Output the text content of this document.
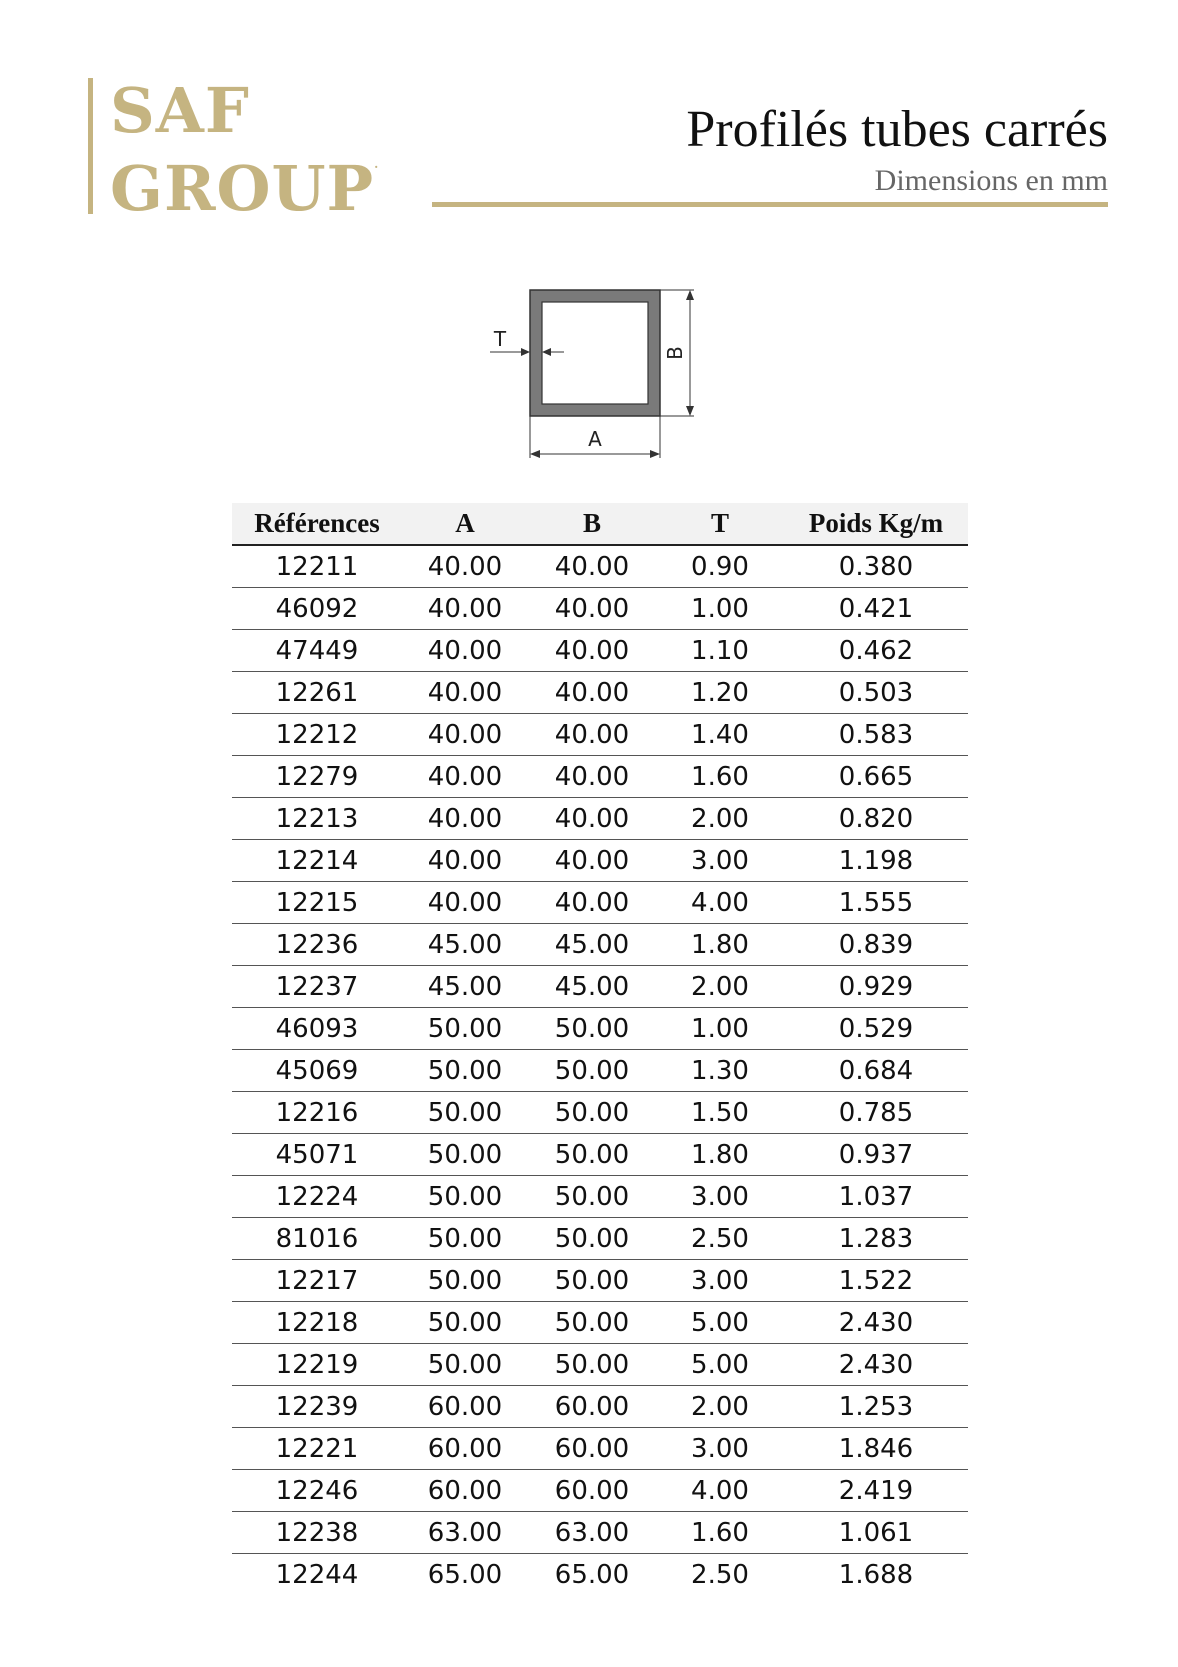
SAF
GROUP.
Profilés tubes carrés
Dimensions en mm
B
A
T
Références	A	B	T	Poids Kg/m
12211	40.00	40.00	0.90	0.380
46092	40.00	40.00	1.00	0.421
47449	40.00	40.00	1.10	0.462
12261	40.00	40.00	1.20	0.503
12212	40.00	40.00	1.40	0.583
12279	40.00	40.00	1.60	0.665
12213	40.00	40.00	2.00	0.820
12214	40.00	40.00	3.00	1.198
12215	40.00	40.00	4.00	1.555
12236	45.00	45.00	1.80	0.839
12237	45.00	45.00	2.00	0.929
46093	50.00	50.00	1.00	0.529
45069	50.00	50.00	1.30	0.684
12216	50.00	50.00	1.50	0.785
45071	50.00	50.00	1.80	0.937
12224	50.00	50.00	3.00	1.037
81016	50.00	50.00	2.50	1.283
12217	50.00	50.00	3.00	1.522
12218	50.00	50.00	5.00	2.430
12219	50.00	50.00	5.00	2.430
12239	60.00	60.00	2.00	1.253
12221	60.00	60.00	3.00	1.846
12246	60.00	60.00	4.00	2.419
12238	63.00	63.00	1.60	1.061
12244	65.00	65.00	2.50	1.688
